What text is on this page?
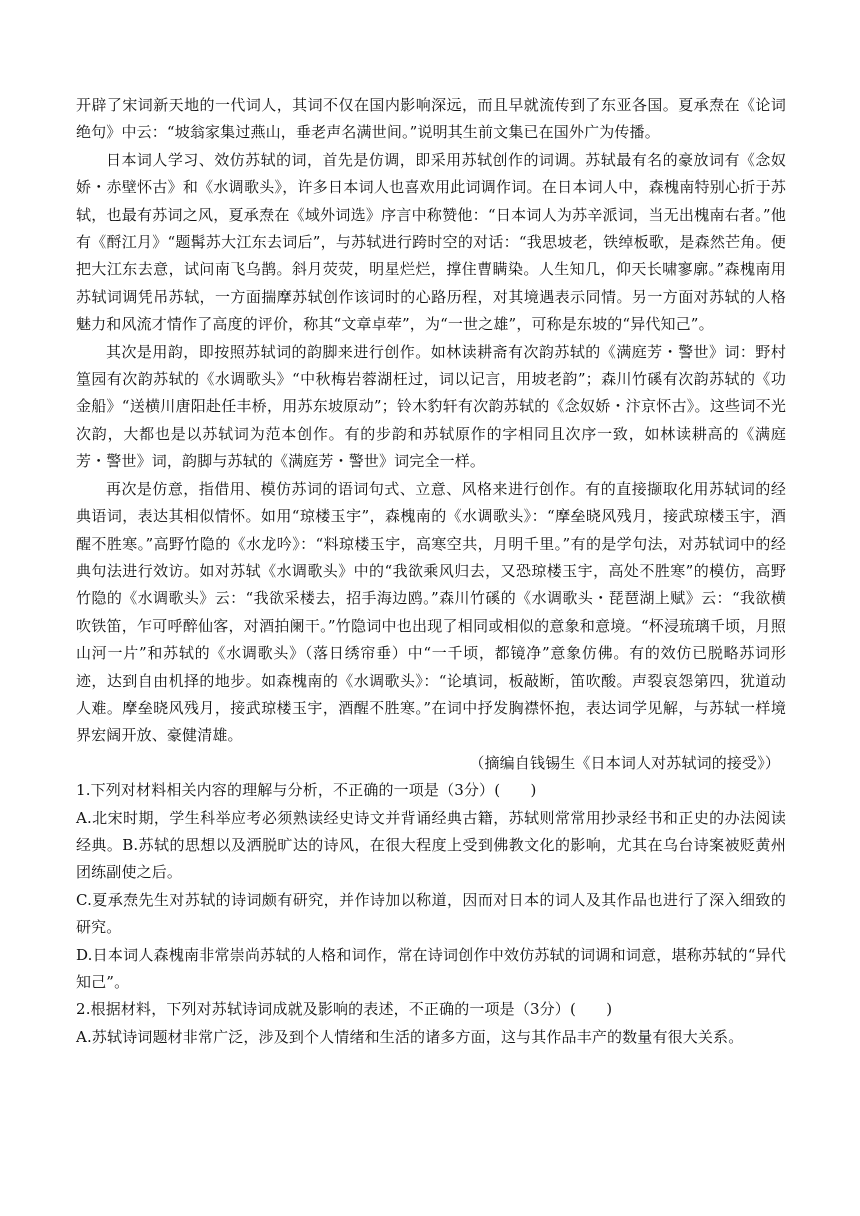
开辟了宋词新天地的一代词人，其词不仅在国内影响深远，而且早就流传到了东亚各国。夏承焘在《论词绝句》中云：“坡翁家集过燕山，垂老声名满世间。”说明其生前文集已在国外广为传播。

日本词人学习、效仿苏轼的词，首先是仿调，即采用苏轼创作的词调。苏轼最有名的豪放词有《念奴娇・赤壁怀古》和《水调歌头》，许多日本词人也喜欢用此词调作词。在日本词人中，森槐南特别心折于苏轼，也最有苏词之风，夏承焘在《域外词选》序言中称赞他：“日本词人为苏辛派词，当无出槐南右者。”他有《酹江月》“题髯苏大江东去词后”，与苏轼进行跨时空的对话：“我思坡老，铁绰板歌，是森然芒角。便把大江东去意，试问南飞乌鹊。斜月荧荧，明星烂烂，撑住曹瞒染。人生知几，仰天长啸寥廓。”森槐南用苏轼词调凭吊苏轼，一方面揣摩苏轼创作该词时的心路历程，对其境遇表示同情。另一方面对苏轼的人格魅力和风流才情作了高度的评价，称其“文章卓荦”，为“一世之雄”，可称是东坡的“异代知己”。

其次是用韵，即按照苏轼词的韵脚来进行创作。如林读耕斋有次韵苏轼的《满庭芳・警世》词：野村篁园有次韵苏轼的《水调歌头》“中秋梅岩蓉湖枉过，词以记言，用坡老韵”；森川竹磎有次韵苏轼的《功金船》“送横川唐阳赴任丰桥，用苏东坡原动”；铃木豹轩有次韵苏轼的《念奴娇・汴京怀古》。这些词不光次韵，大都也是以苏轼词为范本创作。有的步韵和苏轼原作的字相同且次序一致，如林读耕高的《满庭芳・警世》词，韵脚与苏轼的《满庭芳・警世》词完全一样。

再次是仿意，指借用、模仿苏词的语词句式、立意、风格来进行创作。有的直接撷取化用苏轼词的经典语词，表达其相似情怀。如用“琼楼玉宇”，森槐南的《水调歌头》：“摩垒晓风残月，接武琼楼玉宇，酒醒不胜寒。”高野竹隐的《水龙吟》：“料琼楼玉宇，高寒空共，月明千里。”有的是学句法，对苏轼词中的经典句法进行效访。如对苏轼《水调歌头》中的“我欲乘风归去，又恐琼楼玉宇，高处不胜寒”的模仿，高野竹隐的《水调歌头》云：“我欲采楼去，招手海边鸥。”森川竹磎的《水调歌头・琵琶湖上赋》云：“我欲横吹铁笛，乍可呼醉仙客，对酒拍阑干。”竹隐词中也出现了相同或相似的意象和意境。“杯浸琉璃千顷，月照山河一片”和苏轼的《水调歌头》（落日绣帘垂）中“一千顷，都镜净”意象仿佛。有的效仿已脱略苏词形迹，达到自由机择的地步。如森槐南的《水调歌头》：“论填词，板敲断，笛吹酸。声裂哀怨第四，犹道动人难。摩垒晓风残月，接武琼楼玉宇，酒醒不胜寒。”在词中抒发胸襟怀抱，表达词学见解，与苏轼一样境界宏阔开放、豪健清雄。

（摘编自钱锡生《日本词人对苏轼词的接受》）

1.下列对材料相关内容的理解与分析，不正确的一项是（3分）(　　)

A.北宋时期，学生科举应考必须熟读经史诗文并背诵经典古籍，苏轼则常常用抄录经书和正史的办法阅读经典。B.苏轼的思想以及洒脱旷达的诗风，在很大程度上受到佛教文化的影响，尤其在乌台诗案被贬黄州团练副使之后。

C.夏承焘先生对苏轼的诗词颇有研究，并作诗加以称道，因而对日本的词人及其作品也进行了深入细致的研究。

D.日本词人森槐南非常崇尚苏轼的人格和词作，常在诗词创作中效仿苏轼的词调和词意，堪称苏轼的“异代知己”。

2.根据材料，下列对苏轼诗词成就及影响的表述，不正确的一项是（3分）(　　)

A.苏轼诗词题材非常广泛，涉及到个人情绪和生活的诸多方面，这与其作品丰产的数量有很大关系。
